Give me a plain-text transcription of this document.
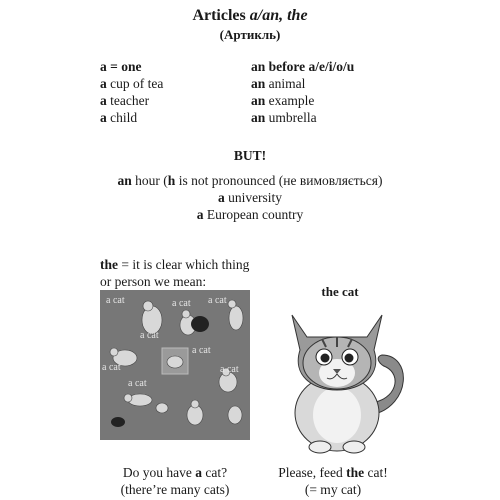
Articles a/an, the
(Артикль)
a = one
a cup of tea
a teacher
a child
an before a/e/i/o/u
an animal
an example
an umbrella
BUT!
an hour (h is not pronounced (не вимовляється)
a university
a European country
the = it is clear which thing
or person we mean:
a cat	a cat a cat
a cat
a cat
a cat
a cat
a cat
the cat
Do you have a cat?
(there’re many cats)
Please, feed the cat!
(= my cat)
